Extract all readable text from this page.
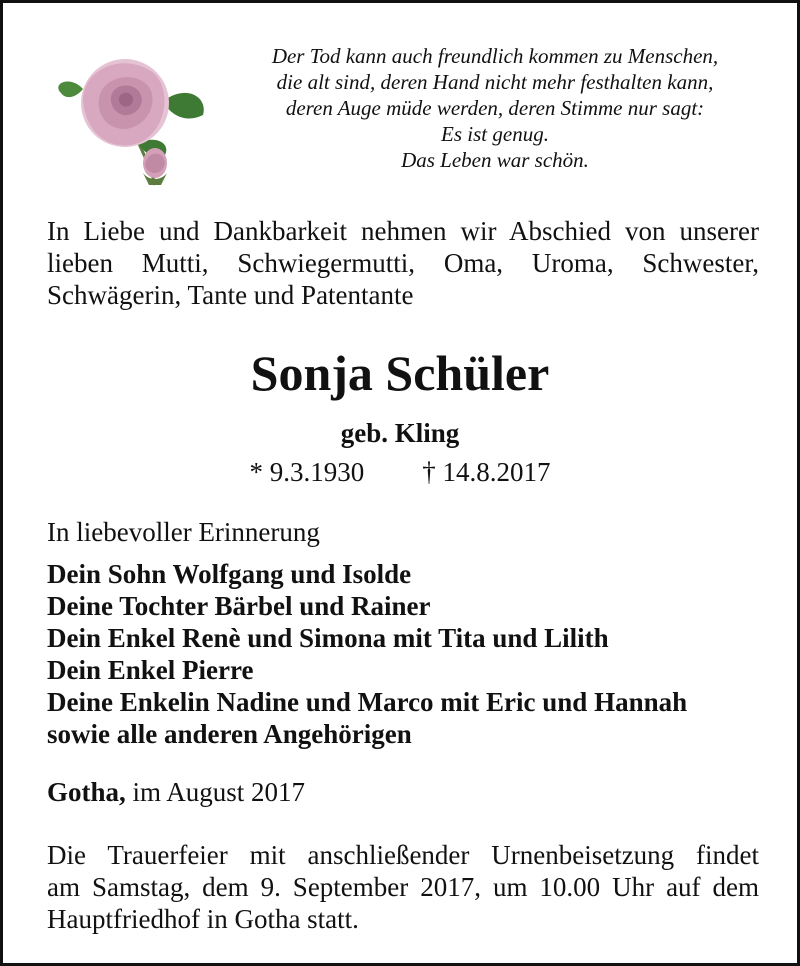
Der Tod kann auch freundlich kommen zu Menschen,
die alt sind, deren Hand nicht mehr festhalten kann,
deren Auge müde werden, deren Stimme nur sagt:
Es ist genug.
Das Leben war schön.
In Liebe und Dankbarkeit nehmen wir Abschied von unserer
lieben Mutti, Schwiegermutti, Oma, Uroma, Schwester,
Schwägerin, Tante und Patentante
Sonja Schüler
geb. Kling
* 9.3.1930 † 14.8.2017
In liebevoller Erinnerung
Dein Sohn Wolfgang und Isolde
Deine Tochter Bärbel und Rainer
Dein Enkel Renè und Simona mit Tita und Lilith
Dein Enkel Pierre
Deine Enkelin Nadine und Marco mit Eric und Hannah
sowie alle anderen Angehörigen
Gotha, im August 2017
Die Trauerfeier mit anschließender Urnenbeisetzung findet
am Samstag, dem 9. September 2017, um 10.00 Uhr auf dem
Hauptfriedhof in Gotha statt.
